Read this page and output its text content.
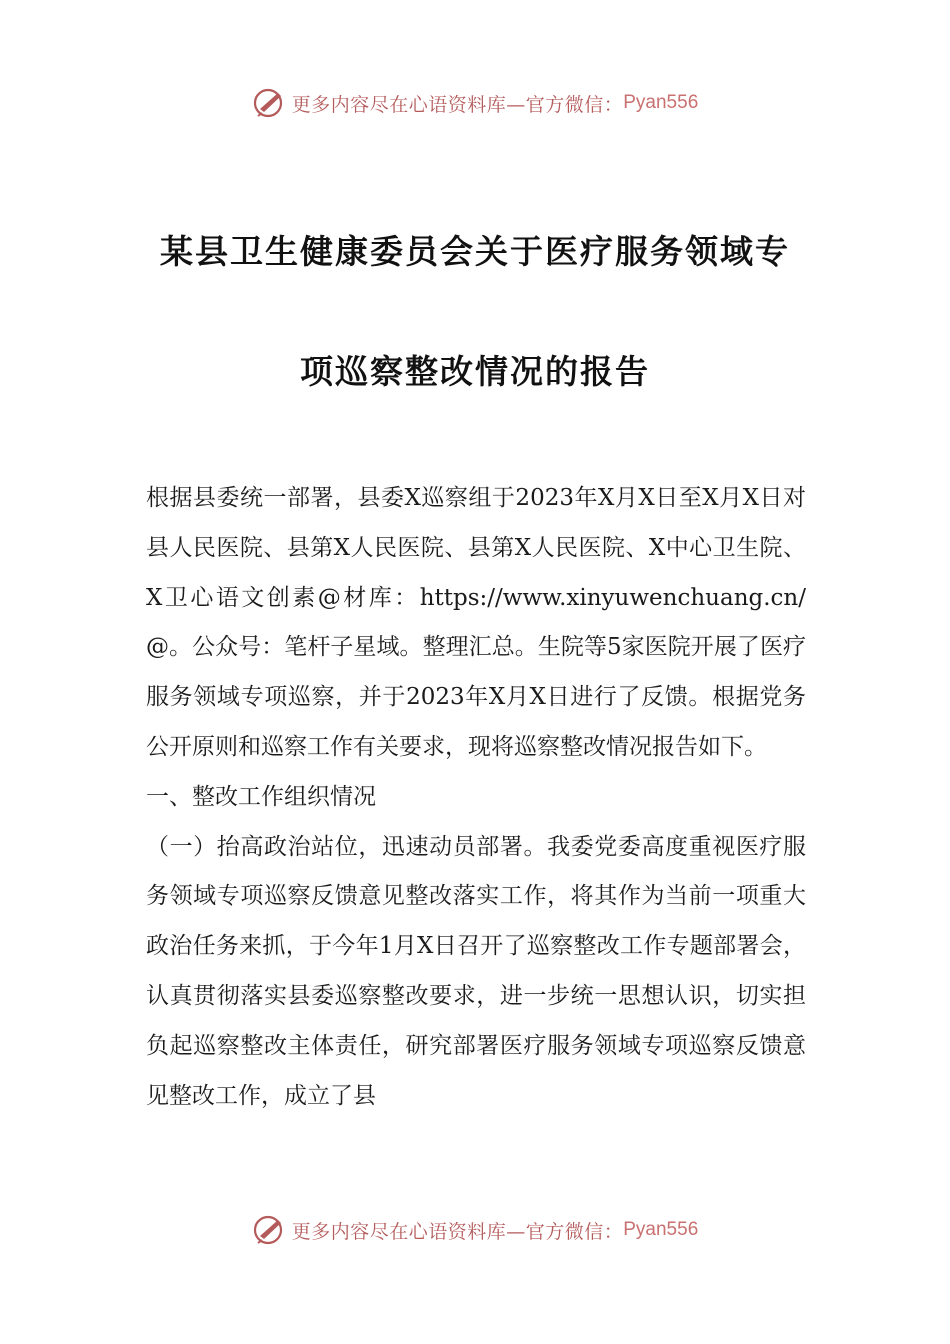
更多内容尽在心语资料库—官方微信： Pyan556
某县卫生健康委员会关于医疗服务领域专
项巡察整改情况的报告

根据县委统一部署，县委X巡察组于2023年X月X日至X月X日对县人民医院、县第X人民医院、县第X人民医院、X中心卫生院、X卫心语文创素@材库：https://www.xinyuwenchuang.cn/@。公众号：笔杆子星域。整理汇总。生院等5家医院开展了医疗服务领域专项巡察，并于2023年X月X日进行了反馈。根据党务公开原则和巡察工作有关要求，现将巡察整改情况报告如下。

一、整改工作组织情况

（一）抬高政治站位，迅速动员部署。我委党委高度重视医疗服务领域专项巡察反馈意见整改落实工作，将其作为当前一项重大政治任务来抓，于今年1月X日召开了巡察整改工作专题部署会，认真贯彻落实县委巡察整改要求，进一步统一思想认识，切实担负起巡察整改主体责任，研究部署医疗服务领域专项巡察反馈意见整改工作，成立了县

更多内容尽在心语资料库—官方微信： Pyan556
